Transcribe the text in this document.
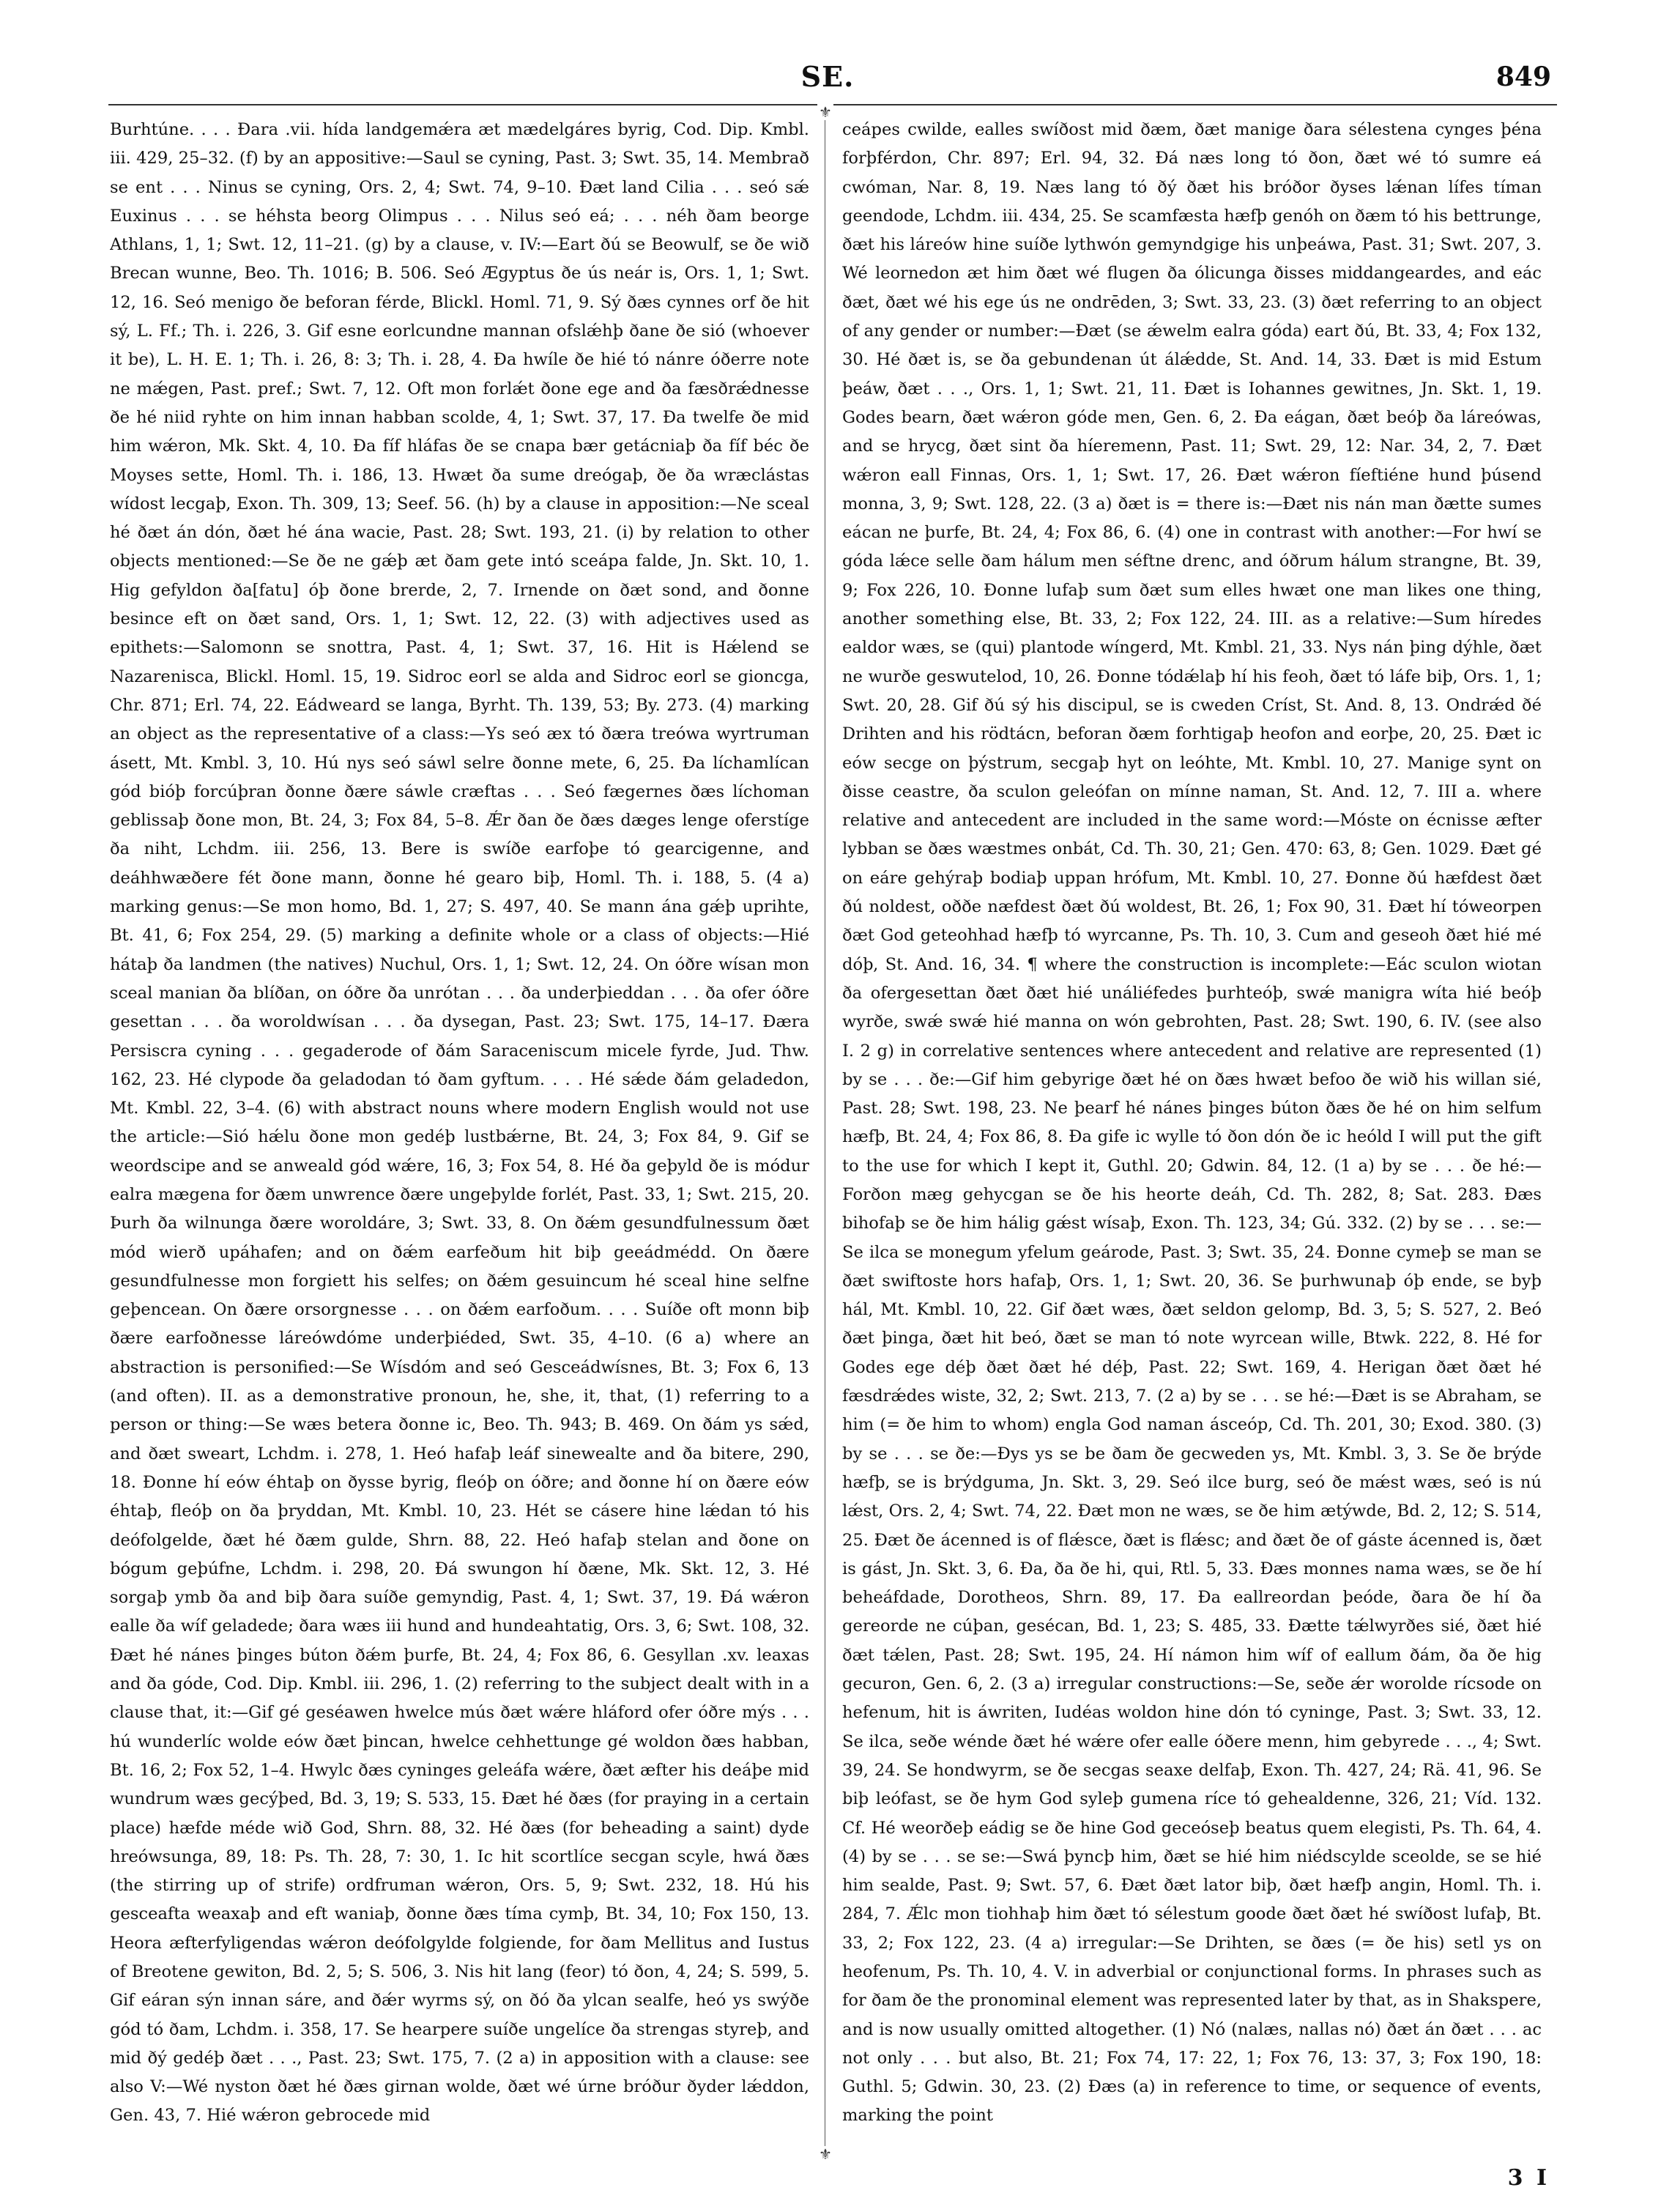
SE.	849
⚜
⚜

Burhtúne. . . . Ðara .vii. hída landgemǽra æt mædelgáres byrig, Cod. Dip. Kmbl. iii. 429, 25–32. (f) by an appositive:—Saul se cyning, Past. 3; Swt. 35, 14. Membrað se ent . . . Ninus se cyning, Ors. 2, 4; Swt. 74, 9–10. Ðæt land Cilia . . . seó sǽ Euxinus . . . se héhsta beorg Olimpus . . . Nilus seó eá; . . . néh ðam beorge Athlans, 1, 1; Swt. 12, 11–21. (g) by a clause, v. IV:—Eart ðú se Beowulf, se ðe wið Brecan wunne, Beo. Th. 1016; B. 506. Seó Ægyptus ðe ús neár is, Ors. 1, 1; Swt. 12, 16. Seó menigo ðe beforan férde, Blickl. Homl. 71, 9. Sý ðæs cynnes orf ðe hit sý, L. Ff.; Th. i. 226, 3. Gif esne eorlcundne mannan ofslǽhþ ðane ðe sió (whoever it be), L. H. E. 1; Th. i. 26, 8: 3; Th. i. 28, 4. Ða hwíle ðe hié tó nánre óðerre note ne mǽgen, Past. pref.; Swt. 7, 12. Oft mon forlǽt ðone ege and ða fæsðrǽdnesse ðe hé niid ryhte on him innan habban scolde, 4, 1; Swt. 37, 17. Ða twelfe ðe mid him wǽron, Mk. Skt. 4, 10. Ða fíf hláfas ðe se cnapa bær getácniaþ ða fíf béc ðe Moyses sette, Homl. Th. i. 186, 13. Hwæt ða sume dreógaþ, ðe ða wræclástas wídost lecgaþ, Exon. Th. 309, 13; Seef. 56. (h) by a clause in apposition:—Ne sceal hé ðæt án dón, ðæt hé ána wacie, Past. 28; Swt. 193, 21. (i) by relation to other objects mentioned:—Se ðe ne gǽþ æt ðam gete intó sceápa falde, Jn. Skt. 10, 1. Hig gefyldon ða[fatu] óþ ðone brerde, 2, 7. Irnende on ðæt sond, and ðonne besince eft on ðæt sand, Ors. 1, 1; Swt. 12, 22. (3) with adjectives used as epithets:—Salomonn se snottra, Past. 4, 1; Swt. 37, 16. Hit is Hǽlend se Nazarenisca, Blickl. Homl. 15, 19. Sidroc eorl se alda and Sidroc eorl se gioncga, Chr. 871; Erl. 74, 22. Eádweard se langa, Byrht. Th. 139, 53; By. 273. (4) marking an object as the representative of a class:—Ys seó æx tó ðæra treówa wyrtruman ásett, Mt. Kmbl. 3, 10. Hú nys seó sáwl selre ðonne mete, 6, 25. Ða líchamlícan gód bióþ forcúþran ðonne ðære sáwle cræftas . . . Seó fægernes ðæs líchoman geblissaþ ðone mon, Bt. 24, 3; Fox 84, 5–8. Ǽr ðan ðe ðæs dæges lenge oferstíge ða niht, Lchdm. iii. 256, 13. Bere is swíðe earfoþe tó gearcigenne, and deáhhwæðere fét ðone mann, ðonne hé gearo biþ, Homl. Th. i. 188, 5. (4 a) marking genus:—Se mon homo, Bd. 1, 27; S. 497, 40. Se mann ána gǽþ uprihte, Bt. 41, 6; Fox 254, 29. (5) marking a definite whole or a class of objects:—Hié hátaþ ða landmen (the natives) Nuchul, Ors. 1, 1; Swt. 12, 24. On óðre wísan mon sceal manian ða blíðan, on óðre ða unrótan . . . ða underþieddan . . . ða ofer óðre gesettan . . . ða woroldwísan . . . ða dysegan, Past. 23; Swt. 175, 14–17. Ðæra Persiscra cyning . . . gegaderode of ðám Saraceniscum micele fyrde, Jud. Thw. 162, 23. Hé clypode ða geladodan tó ðam gyftum. . . . Hé sǽde ðám geladedon, Mt. Kmbl. 22, 3–4. (6) with abstract nouns where modern English would not use the article:—Sió hǽlu ðone mon gedéþ lustbǽrne, Bt. 24, 3; Fox 84, 9. Gif se weordscipe and se anweald gód wǽre, 16, 3; Fox 54, 8. Hé ða geþyld ðe is módur ealra mægena for ðæm unwrence ðære ungeþylde forlét, Past. 33, 1; Swt. 215, 20. Þurh ða wilnunga ðære woroldáre, 3; Swt. 33, 8. On ðǽm gesundfulnessum ðæt mód wierð upáhafen; and on ðǽm earfeðum hit biþ geeádmédd. On ðære gesundfulnesse mon forgiett his selfes; on ðǽm gesuincum hé sceal hine selfne geþencean. On ðære orsorgnesse . . . on ðǽm earfoðum. . . . Suíðe oft monn biþ ðære earfoðnesse láreówdóme underþiéded, Swt. 35, 4–10. (6 a) where an abstraction is personified:—Se Wísdóm and seó Gesceádwísnes, Bt. 3; Fox 6, 13 (and often). II. as a demonstrative pronoun, he, she, it, that, (1) referring to a person or thing:—Se wæs betera ðonne ic, Beo. Th. 943; B. 469. On ðám ys sǽd, and ðæt sweart, Lchdm. i. 278, 1. Heó hafaþ leáf sinewealte and ða bitere, 290, 18. Ðonne hí eów éhtaþ on ðysse byrig, fleóþ on óðre; and ðonne hí on ðære eów éhtaþ, fleóþ on ða þryddan, Mt. Kmbl. 10, 23. Hét se cásere hine lǽdan tó his deófolgelde, ðæt hé ðæm gulde, Shrn. 88, 22. Heó hafaþ stelan and ðone on bógum geþúfne, Lchdm. i. 298, 20. Ðá swungon hí ðæne, Mk. Skt. 12, 3. Hé sorgaþ ymb ða and biþ ðara suíðe gemyndig, Past. 4, 1; Swt. 37, 19. Ðá wǽron ealle ða wíf geladede; ðara wæs iii hund and hundeahtatig, Ors. 3, 6; Swt. 108, 32. Ðæt hé nánes þinges búton ðǽm þurfe, Bt. 24, 4; Fox 86, 6. Gesyllan .xv. leaxas and ða góde, Cod. Dip. Kmbl. iii. 296, 1. (2) referring to the subject dealt with in a clause that, it:—Gif gé geséawen hwelce mús ðæt wǽre hláford ofer óðre mýs . . . hú wunderlíc wolde eów ðæt þincan, hwelce cehhettunge gé woldon ðæs habban, Bt. 16, 2; Fox 52, 1–4. Hwylc ðæs cyninges geleáfa wǽre, ðæt æfter his deáþe mid wundrum wæs gecýþed, Bd. 3, 19; S. 533, 15. Ðæt hé ðæs (for praying in a certain place) hæfde méde wið God, Shrn. 88, 32. Hé ðæs (for beheading a saint) dyde hreówsunga, 89, 18: Ps. Th. 28, 7: 30, 1. Ic hit scortlíce secgan scyle, hwá ðæs (the stirring up of strife) ordfruman wǽron, Ors. 5, 9; Swt. 232, 18. Hú his gesceafta weaxaþ and eft waniaþ, ðonne ðæs tíma cymþ, Bt. 34, 10; Fox 150, 13. Heora æfterfyligendas wǽron deófolgylde folgiende, for ðam Mellitus and Iustus of Breotene gewiton, Bd. 2, 5; S. 506, 3. Nis hit lang (feor) tó ðon, 4, 24; S. 599, 5. Gif eáran sýn innan sáre, and ðǽr wyrms sý, on ðó ða ylcan sealfe, heó ys swýðe gód tó ðam, Lchdm. i. 358, 17. Se hearpere suíðe ungelíce ða strengas styreþ, and mid ðý gedéþ ðæt . . ., Past. 23; Swt. 175, 7. (2 a) in apposition with a clause: see also V:—Wé nyston ðæt hé ðæs girnan wolde, ðæt wé úrne bróður ðyder lǽddon, Gen. 43, 7. Hié wǽron gebrocede mid

ceápes cwilde, ealles swíðost mid ðæm, ðæt manige ðara sélestena cynges þéna forþférdon, Chr. 897; Erl. 94, 32. Ðá næs long tó ðon, ðæt wé tó sumre eá cwóman, Nar. 8, 19. Næs lang tó ðý ðæt his bróðor ðyses lǽnan lífes tíman geendode, Lchdm. iii. 434, 25. Se scamfæsta hæfþ genóh on ðæm tó his bettrunge, ðæt his láreów hine suíðe lythwón gemyndgige his unþeáwa, Past. 31; Swt. 207, 3. Wé leornedon æt him ðæt wé flugen ða ólicunga ðisses middangeardes, and eác ðæt, ðæt wé his ege ús ne ondrēden, 3; Swt. 33, 23. (3) ðæt referring to an object of any gender or number:—Ðæt (se ǽwelm ealra góda) eart ðú, Bt. 33, 4; Fox 132, 30. Hé ðæt is, se ða gebundenan út álǽdde, St. And. 14, 33. Ðæt is mid Estum þeáw, ðæt . . ., Ors. 1, 1; Swt. 21, 11. Ðæt is Iohannes gewitnes, Jn. Skt. 1, 19. Godes bearn, ðæt wǽron góde men, Gen. 6, 2. Ða eágan, ðæt beóþ ða láreówas, and se hrycg, ðæt sint ða híeremenn, Past. 11; Swt. 29, 12: Nar. 34, 2, 7. Ðæt wǽron eall Finnas, Ors. 1, 1; Swt. 17, 26. Ðæt wǽron fíeftiéne hund þúsend monna, 3, 9; Swt. 128, 22. (3 a) ðæt is = there is:—Ðæt nis nán man ðætte sumes eácan ne þurfe, Bt. 24, 4; Fox 86, 6. (4) one in contrast with another:—For hwí se góda lǽce selle ðam hálum men séftne drenc, and óðrum hálum strangne, Bt. 39, 9; Fox 226, 10. Ðonne lufaþ sum ðæt sum elles hwæt one man likes one thing, another something else, Bt. 33, 2; Fox 122, 24. III. as a relative:—Sum híredes ealdor wæs, se (qui) plantode wíngerd, Mt. Kmbl. 21, 33. Nys nán þing dýhle, ðæt ne wurðe geswutelod, 10, 26. Ðonne tódǽlaþ hí his feoh, ðæt tó láfe biþ, Ors. 1, 1; Swt. 20, 28. Gif ðú sý his discipul, se is cweden Críst, St. And. 8, 13. Ondrǽd ðé Drihten and his rödtácn, beforan ðæm forhtigaþ heofon and eorþe, 20, 25. Ðæt ic eów secge on þýstrum, secgaþ hyt on leóhte, Mt. Kmbl. 10, 27. Manige synt on ðisse ceastre, ða sculon geleófan on mínne naman, St. And. 12, 7. III a. where relative and antecedent are included in the same word:—Móste on écnisse æfter lybban se ðæs wæstmes onbát, Cd. Th. 30, 21; Gen. 470: 63, 8; Gen. 1029. Ðæt gé on eáre gehýraþ bodiaþ uppan hrófum, Mt. Kmbl. 10, 27. Ðonne ðú hæfdest ðæt ðú noldest, oððe næfdest ðæt ðú woldest, Bt. 26, 1; Fox 90, 31. Ðæt hí tóweorpen ðæt God geteohhad hæfþ tó wyrcanne, Ps. Th. 10, 3. Cum and geseoh ðæt hié mé dóþ, St. And. 16, 34. ¶ where the construction is incomplete:—Eác sculon wiotan ða ofergesettan ðæt ðæt hié unáliéfedes þurhteóþ, swǽ manigra wíta hié beóþ wyrðe, swǽ swǽ hié manna on wón gebrohten, Past. 28; Swt. 190, 6. IV. (see also I. 2 g) in correlative sentences where antecedent and relative are represented (1) by se . . . ðe:—Gif him gebyrige ðæt hé on ðæs hwæt befoo ðe wið his willan sié, Past. 28; Swt. 198, 23. Ne þearf hé nánes þinges búton ðæs ðe hé on him selfum hæfþ, Bt. 24, 4; Fox 86, 8. Ða gife ic wylle tó ðon dón ðe ic heóld I will put the gift to the use for which I kept it, Guthl. 20; Gdwin. 84, 12. (1 a) by se . . . ðe hé:—Forðon mæg gehycgan se ðe his heorte deáh, Cd. Th. 282, 8; Sat. 283. Ðæs bihofaþ se ðe him hálig gǽst wísaþ, Exon. Th. 123, 34; Gú. 332. (2) by se . . . se:—Se ilca se monegum yfelum geárode, Past. 3; Swt. 35, 24. Ðonne cymeþ se man se ðæt swiftoste hors hafaþ, Ors. 1, 1; Swt. 20, 36. Se þurhwunaþ óþ ende, se byþ hál, Mt. Kmbl. 10, 22. Gif ðæt wæs, ðæt seldon gelomp, Bd. 3, 5; S. 527, 2. Beó ðæt þinga, ðæt hit beó, ðæt se man tó note wyrcean wille, Btwk. 222, 8. Hé for Godes ege déþ ðæt ðæt hé déþ, Past. 22; Swt. 169, 4. Herigan ðæt ðæt hé fæsdrǽdes wiste, 32, 2; Swt. 213, 7. (2 a) by se . . . se hé:—Ðæt is se Abraham, se him (= ðe him to whom) engla God naman ásceóp, Cd. Th. 201, 30; Exod. 380. (3) by se . . . se ðe:—Ðys ys se be ðam ðe gecweden ys, Mt. Kmbl. 3, 3. Se ðe brýde hæfþ, se is brýdguma, Jn. Skt. 3, 29. Seó ilce burg, seó ðe mǽst wæs, seó is nú lǽst, Ors. 2, 4; Swt. 74, 22. Ðæt mon ne wæs, se ðe him ætýwde, Bd. 2, 12; S. 514, 25. Ðæt ðe ácenned is of flǽsce, ðæt is flǽsc; and ðæt ðe of gáste ácenned is, ðæt is gást, Jn. Skt. 3, 6. Ða, ða ðe hi, qui, Rtl. 5, 33. Ðæs monnes nama wæs, se ðe hí beheáfdade, Dorotheos, Shrn. 89, 17. Ða eallreordan þeóde, ðara ðe hí ða gereorde ne cúþan, gesécan, Bd. 1, 23; S. 485, 33. Ðætte tǽlwyrðes sié, ðæt hié ðæt tǽlen, Past. 28; Swt. 195, 24. Hí námon him wíf of eallum ðám, ða ðe hig gecuron, Gen. 6, 2. (3 a) irregular constructions:—Se, seðe ǽr worolde rícsode on hefenum, hit is áwriten, Iudéas woldon hine dón tó cyninge, Past. 3; Swt. 33, 12. Se ilca, seðe wénde ðæt hé wǽre ofer ealle óðere menn, him gebyrede . . ., 4; Swt. 39, 24. Se hondwyrm, se ðe secgas seaxe delfaþ, Exon. Th. 427, 24; Rä. 41, 96. Se biþ leófast, se ðe hym God syleþ gumena ríce tó gehealdenne, 326, 21; Víd. 132. Cf. Hé weorðeþ eádig se ðe hine God geceóseþ beatus quem elegisti, Ps. Th. 64, 4. (4) by se . . . se se:—Swá þyncþ him, ðæt se hié him niédscylde sceolde, se se hié him sealde, Past. 9; Swt. 57, 6. Ðæt ðæt lator biþ, ðæt hæfþ angin, Homl. Th. i. 284, 7. Ǽlc mon tiohhaþ him ðæt tó sélestum goode ðæt ðæt hé swíðost lufaþ, Bt. 33, 2; Fox 122, 23. (4 a) irregular:—Se Drihten, se ðæs (= ðe his) setl ys on heofenum, Ps. Th. 10, 4. V. in adverbial or conjunctional forms. In phrases such as for ðam ðe the pronominal element was represented later by that, as in Shakspere, and is now usually omitted altogether. (1) Nó (nalæs, nallas nó) ðæt án ðæt . . . ac not only . . . but also, Bt. 21; Fox 74, 17: 22, 1; Fox 76, 13: 37, 3; Fox 190, 18: Guthl. 5; Gdwin. 30, 23. (2) Ðæs (a) in reference to time, or sequence of events, marking the point

3 I
